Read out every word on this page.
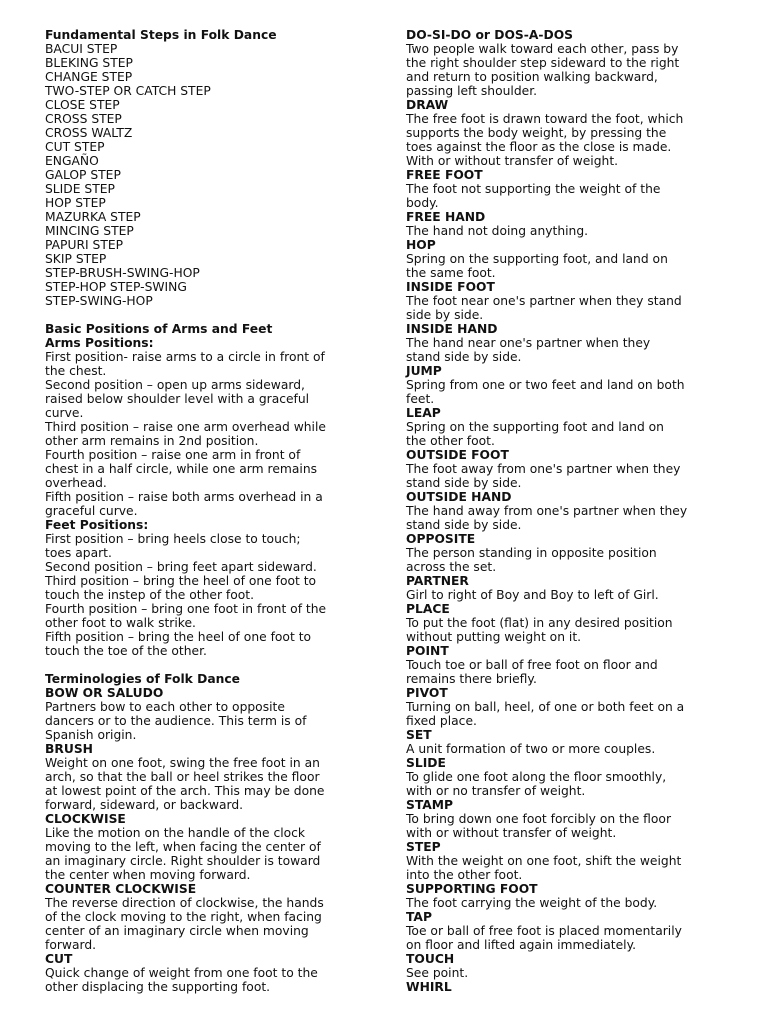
Fundamental Steps in Folk Dance
BACUI STEP
BLEKING STEP
CHANGE STEP
TWO-STEP OR CATCH STEP
CLOSE STEP
CROSS STEP
CROSS WALTZ
CUT STEP
ENGAÑO
GALOP STEP
SLIDE STEP
HOP STEP
MAZURKA STEP
MINCING STEP
PAPURI STEP
SKIP STEP
STEP-BRUSH-SWING-HOP
STEP-HOP STEP-SWING
STEP-SWING-HOP
Basic Positions of Arms and Feet
Arms Positions:
First position- raise arms to a circle in front of
the chest.
Second position – open up arms sideward,
raised below shoulder level with a graceful
curve.
Third position – raise one arm overhead while
other arm remains in 2nd position.
Fourth position – raise one arm in front of
chest in a half circle, while one arm remains
overhead.
Fifth position – raise both arms overhead in a
graceful curve.
Feet Positions:
First position – bring heels close to touch;
toes apart.
Second position – bring feet apart sideward.
Third position – bring the heel of one foot to
touch the instep of the other foot.
Fourth position – bring one foot in front of the
other foot to walk strike.
Fifth position – bring the heel of one foot to
touch the toe of the other.
Terminologies of Folk Dance
BOW OR SALUDO
Partners bow to each other to opposite
dancers or to the audience. This term is of
Spanish origin.
BRUSH
Weight on one foot, swing the free foot in an
arch, so that the ball or heel strikes the floor
at lowest point of the arch. This may be done
forward, sideward, or backward.
CLOCKWISE
Like the motion on the handle of the clock
moving to the left, when facing the center of
an imaginary circle. Right shoulder is toward
the center when moving forward.
COUNTER CLOCKWISE
The reverse direction of clockwise, the hands
of the clock moving to the right, when facing
center of an imaginary circle when moving
forward.
CUT
Quick change of weight from one foot to the
other displacing the supporting foot.
DO-SI-DO or DOS-A-DOS
Two people walk toward each other, pass by
the right shoulder step sideward to the right
and return to position walking backward,
passing left shoulder.
DRAW
The free foot is drawn toward the foot, which
supports the body weight, by pressing the
toes against the floor as the close is made.
With or without transfer of weight.
FREE FOOT
The foot not supporting the weight of the
body.
FREE HAND
The hand not doing anything.
HOP
Spring on the supporting foot, and land on
the same foot.
INSIDE FOOT
The foot near one's partner when they stand
side by side.
INSIDE HAND
The hand near one's partner when they
stand side by side.
JUMP
Spring from one or two feet and land on both
feet.
LEAP
Spring on the supporting foot and land on
the other foot.
OUTSIDE FOOT
The foot away from one's partner when they
stand side by side.
OUTSIDE HAND
The hand away from one's partner when they
stand side by side.
OPPOSITE
The person standing in opposite position
across the set.
PARTNER
Girl to right of Boy and Boy to left of Girl.
PLACE
To put the foot (flat) in any desired position
without putting weight on it.
POINT
Touch toe or ball of free foot on floor and
remains there briefly.
PIVOT
Turning on ball, heel, of one or both feet on a
fixed place.
SET
A unit formation of two or more couples.
SLIDE
To glide one foot along the floor smoothly,
with or no transfer of weight.
STAMP
To bring down one foot forcibly on the floor
with or without transfer of weight.
STEP
With the weight on one foot, shift the weight
into the other foot.
SUPPORTING FOOT
The foot carrying the weight of the body.
TAP
Toe or ball of free foot is placed momentarily
on floor and lifted again immediately.
TOUCH
See point.
WHIRL
